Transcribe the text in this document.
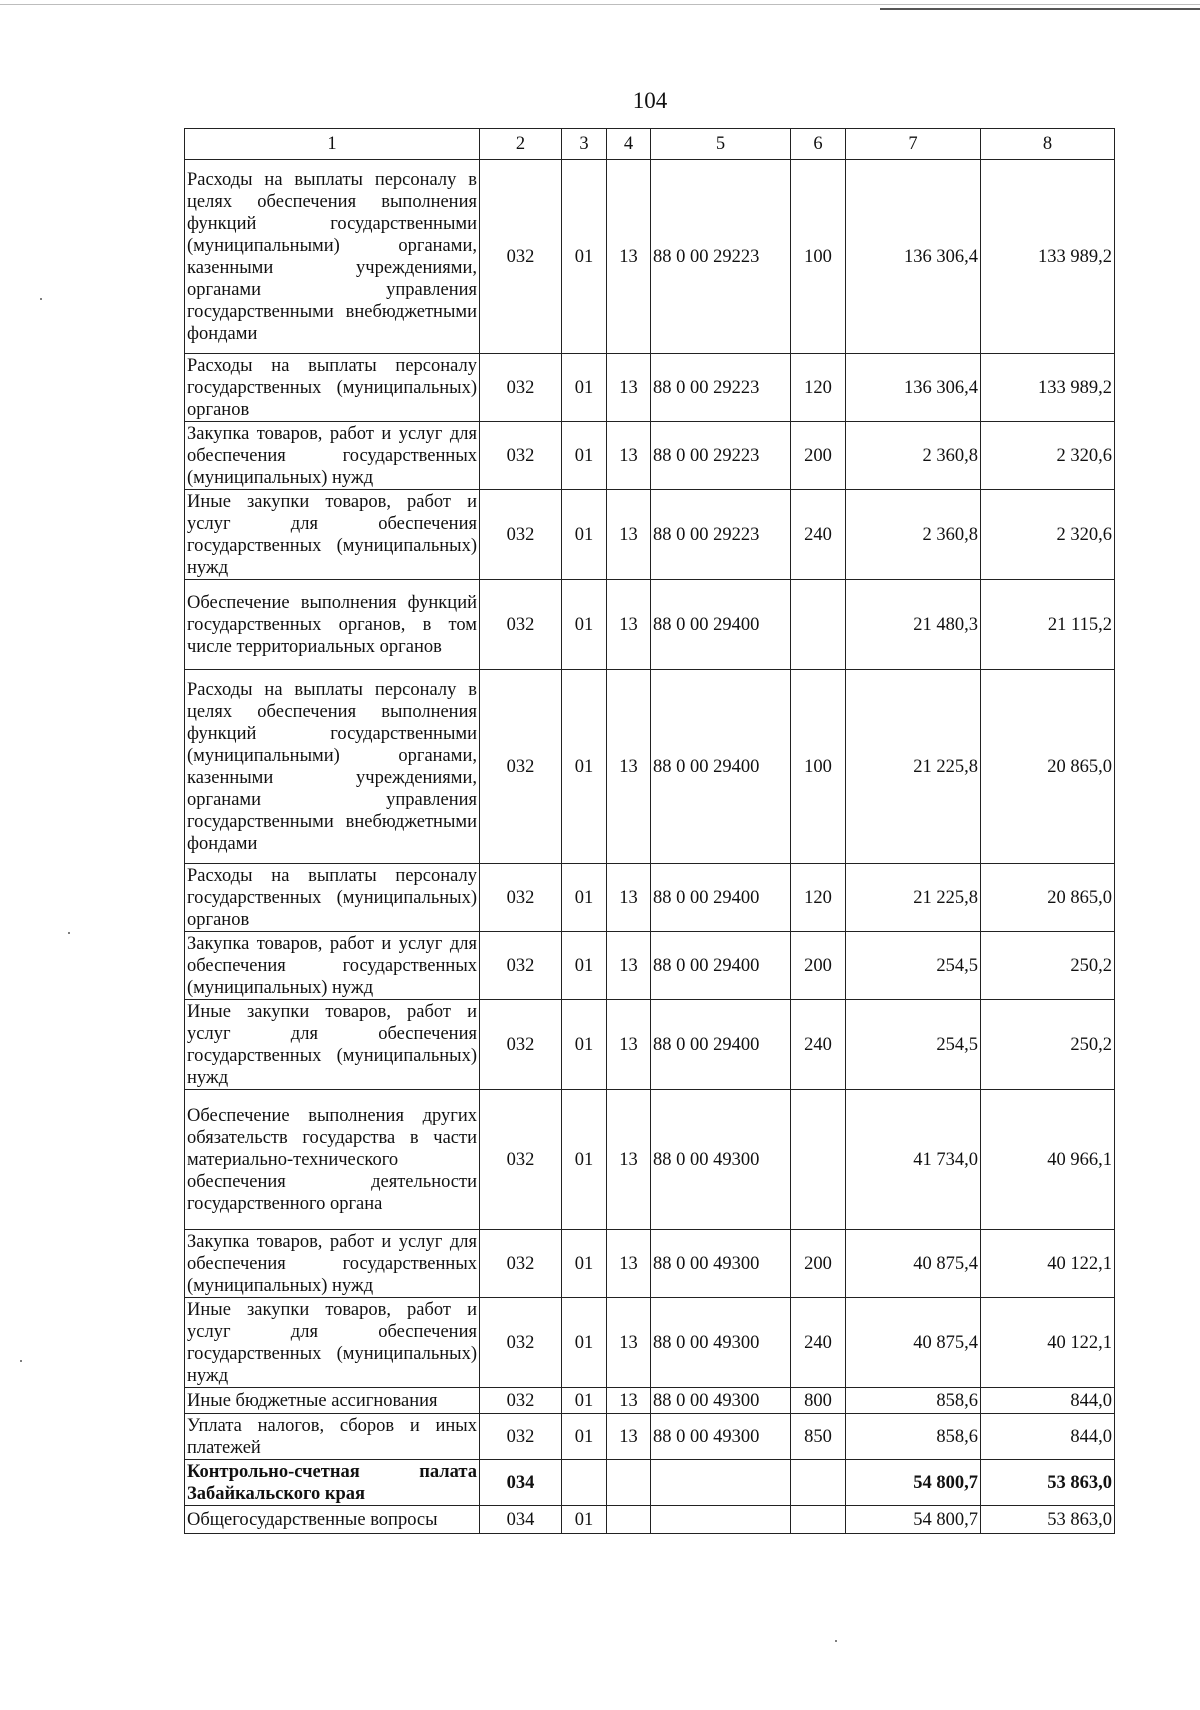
104
1	2	3	4	5	6	7	8
Расходы на выплаты персоналу в целях обеспечения выполнения функций государственными (муниципальными) органами, казенными учреждениями, органами управления государственными внебюджетными фондами	032	01	13	88 0 00 29223	100	136 306,4	133 989,2
Расходы на выплаты персоналу государственных (муниципальных) органов	032	01	13	88 0 00 29223	120	136 306,4	133 989,2
Закупка товаров, работ и услуг для обеспечения государственных (муниципальных) нужд	032	01	13	88 0 00 29223	200	2 360,8	2 320,6
Иные закупки товаров, работ и услуг для обеспечения государственных (муниципальных) нужд	032	01	13	88 0 00 29223	240	2 360,8	2 320,6
Обеспечение выполнения функций государственных органов, в том числе территориальных органов	032	01	13	88 0 00 29400		21 480,3	21 115,2
Расходы на выплаты персоналу в целях обеспечения выполнения функций государственными (муниципальными) органами, казенными учреждениями, органами управления государственными внебюджетными фондами	032	01	13	88 0 00 29400	100	21 225,8	20 865,0
Расходы на выплаты персоналу государственных (муниципальных) органов	032	01	13	88 0 00 29400	120	21 225,8	20 865,0
Закупка товаров, работ и услуг для обеспечения государственных (муниципальных) нужд	032	01	13	88 0 00 29400	200	254,5	250,2
Иные закупки товаров, работ и услуг для обеспечения государственных (муниципальных) нужд	032	01	13	88 0 00 29400	240	254,5	250,2
Обеспечение выполнения других обязательств государства в части материально-технического обеспечения деятельности государственного органа	032	01	13	88 0 00 49300		41 734,0	40 966,1
Закупка товаров, работ и услуг для обеспечения государственных (муниципальных) нужд	032	01	13	88 0 00 49300	200	40 875,4	40 122,1
Иные закупки товаров, работ и услуг для обеспечения государственных (муниципальных) нужд	032	01	13	88 0 00 49300	240	40 875,4	40 122,1
Иные бюджетные ассигнования	032	01	13	88 0 00 49300	800	858,6	844,0
Уплата налогов, сборов и иных платежей	032	01	13	88 0 00 49300	850	858,6	844,0
Контрольно-счетная палата Забайкальского края	034					54 800,7	53 863,0
Общегосударственные вопросы	034	01				54 800,7	53 863,0
